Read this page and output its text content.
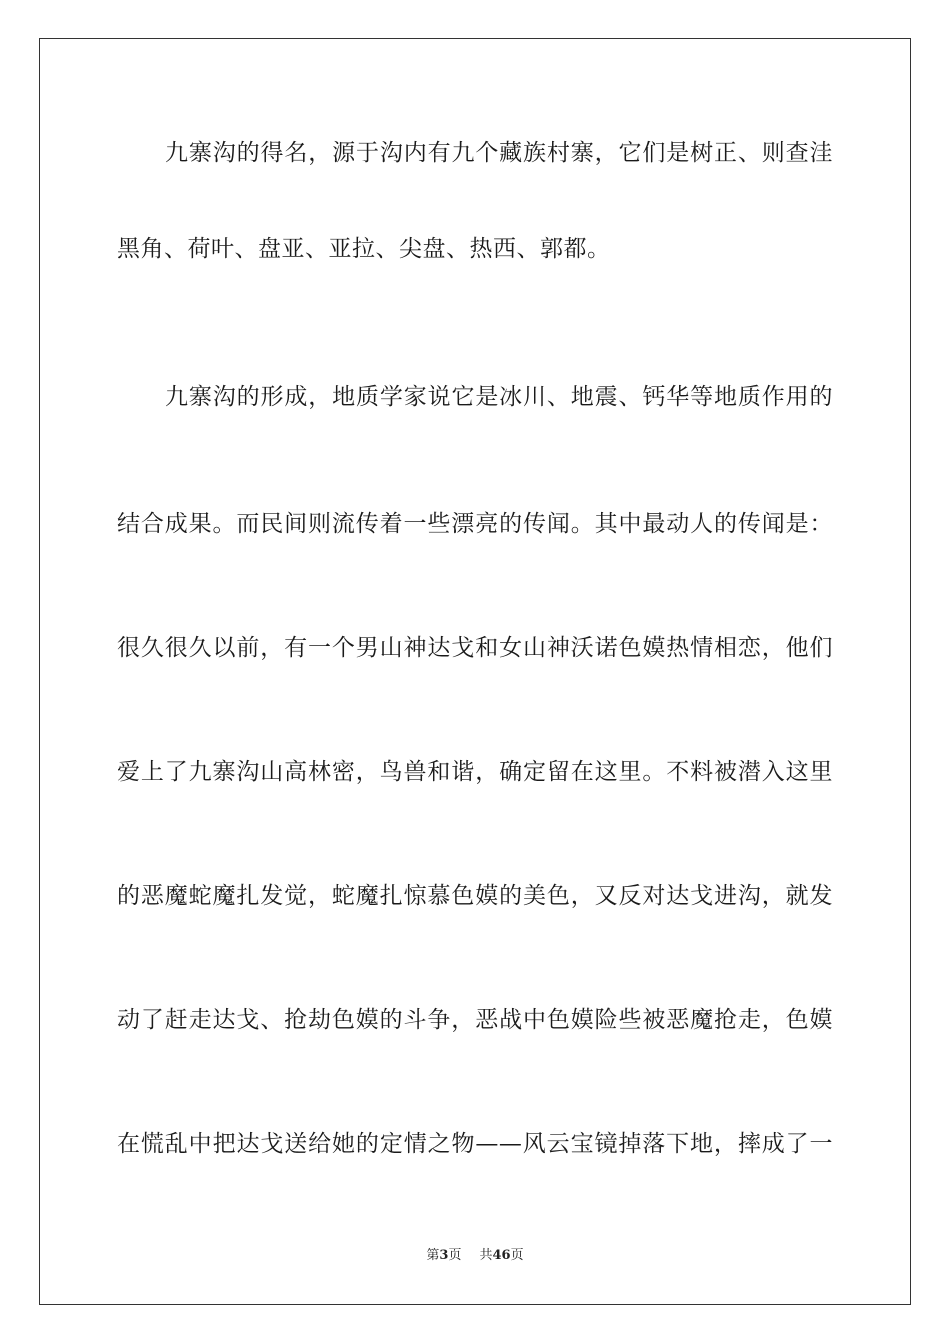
九寨沟的得名，源于沟内有九个藏族村寨，它们是树正、则查洼
黑角、荷叶、盘亚、亚拉、尖盘、热西、郭都。
九寨沟的形成，地质学家说它是冰川、地震、钙华等地质作用的
结合成果。而民间则流传着一些漂亮的传闻。其中最动人的传闻是：
很久很久以前，有一个男山神达戈和女山神沃诺色嫫热情相恋，他们
爱上了九寨沟山高林密，鸟兽和谐，确定留在这里。不料被潜入这里
的恶魔蛇魔扎发觉，蛇魔扎惊慕色嫫的美色，又反对达戈进沟，就发
动了赶走达戈、抢劫色嫫的斗争，恶战中色嫫险些被恶魔抢走，色嫫
在慌乱中把达戈送给她的定情之物——风云宝镜掉落下地，摔成了一
第3页 共46页
